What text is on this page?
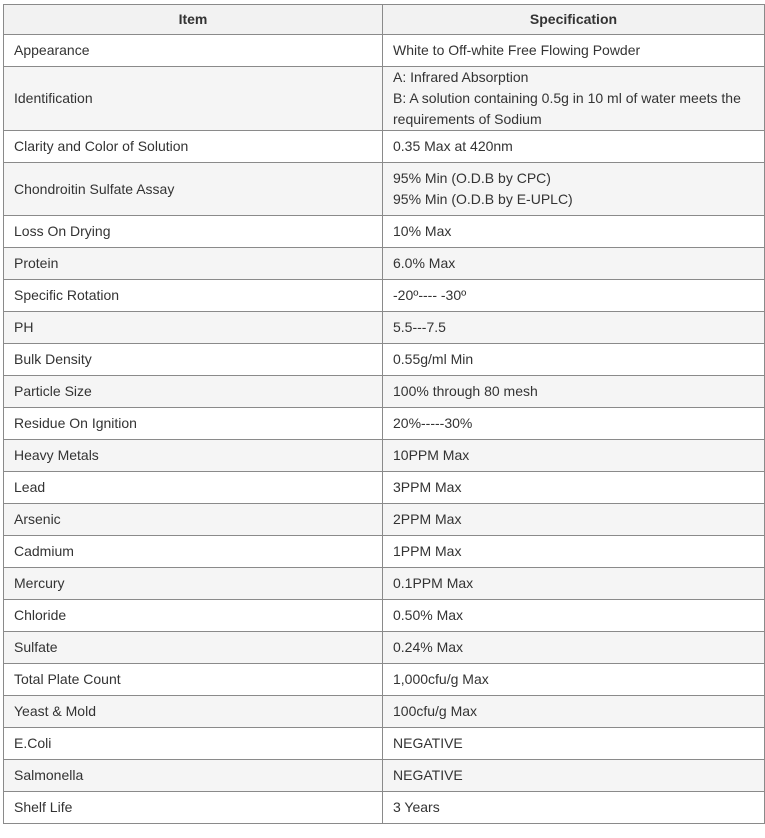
Item	Specification
Appearance	White to Off-white Free Flowing Powder

Identification	A: Infrared Absorption
B: A solution containing 0.5g in 10 ml of water meets the
requirements of Sodium

Clarity and Color of Solution	0.35 Max at 420nm

Chondroitin Sulfate Assay	95% Min (O.D.B by CPC)
95% Min (O.D.B by E-UPLC)

Loss On Drying	10% Max

Protein	6.0% Max

Specific Rotation	-20º---- -30º

PH	5.5---7.5

Bulk Density	0.55g/ml Min

Particle Size	100% through 80 mesh

Residue On Ignition	20%-----30%

Heavy Metals	10PPM Max

Lead	3PPM Max

Arsenic	2PPM Max

Cadmium	1PPM Max

Mercury	0.1PPM Max

Chloride	0.50% Max

Sulfate	0.24% Max

Total Plate Count	1,000cfu/g Max

Yeast & Mold	100cfu/g Max

E.Coli	NEGATIVE

Salmonella	NEGATIVE

Shelf Life	3 Years
